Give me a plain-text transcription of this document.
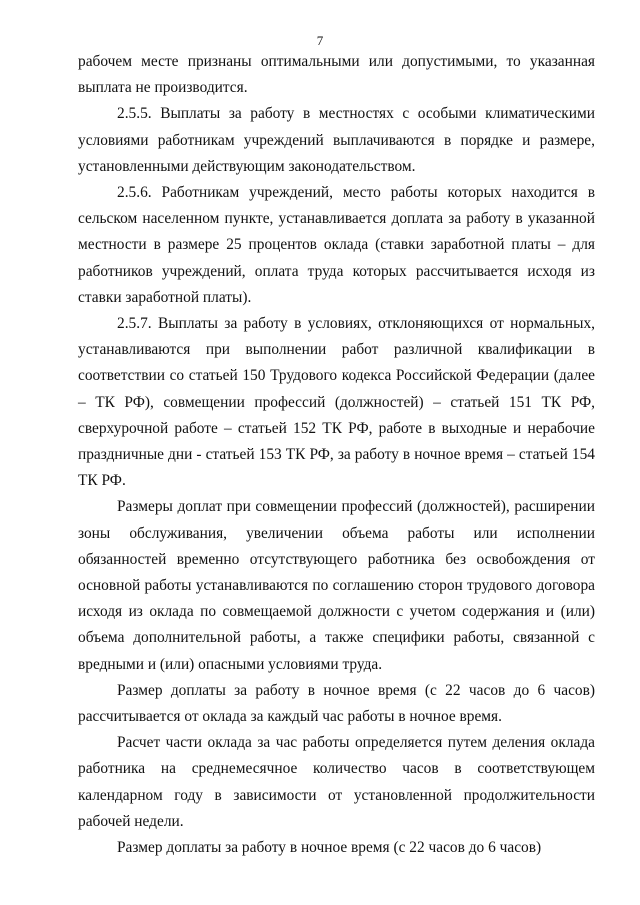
7

рабочем месте признаны оптимальными или допустимыми, то указанная выплата не производится.

2.5.5. Выплаты за работу в местностях с особыми климатическими условиями работникам учреждений выплачиваются в порядке и размере, установленными действующим законодательством.

2.5.6. Работникам учреждений, место работы которых находится в сельском населенном пункте, устанавливается доплата за работу в указанной местности в размере 25 процентов оклада (ставки заработной платы – для работников учреждений, оплата труда которых рассчитывается исходя из ставки заработной платы).

2.5.7. Выплаты за работу в условиях, отклоняющихся от нормальных, устанавливаются при выполнении работ различной квалификации в соответствии со статьей 150 Трудового кодекса Российской Федерации (далее – ТК РФ), совмещении профессий (должностей) – статьей 151 ТК РФ, сверхурочной работе – статьей 152 ТК РФ, работе в выходные и нерабочие праздничные дни - статьей 153 ТК РФ, за работу в ночное время – статьей 154 ТК РФ.

Размеры доплат при совмещении профессий (должностей), расширении зоны обслуживания, увеличении объема работы или исполнении обязанностей временно отсутствующего работника без освобождения от основной работы устанавливаются по соглашению сторон трудового договора исходя из оклада по совмещаемой должности с учетом содержания и (или) объема дополнительной работы, а также специфики работы, связанной с вредными и (или) опасными условиями труда.

Размер доплаты за работу в ночное время (с 22 часов до 6 часов) рассчитывается от оклада за каждый час работы в ночное время.

Расчет части оклада за час работы определяется путем деления оклада работника на среднемесячное количество часов в соответствующем календарном году в зависимости от установленной продолжительности рабочей недели.

Размер доплаты за работу в ночное время (с 22 часов до 6 часов)
